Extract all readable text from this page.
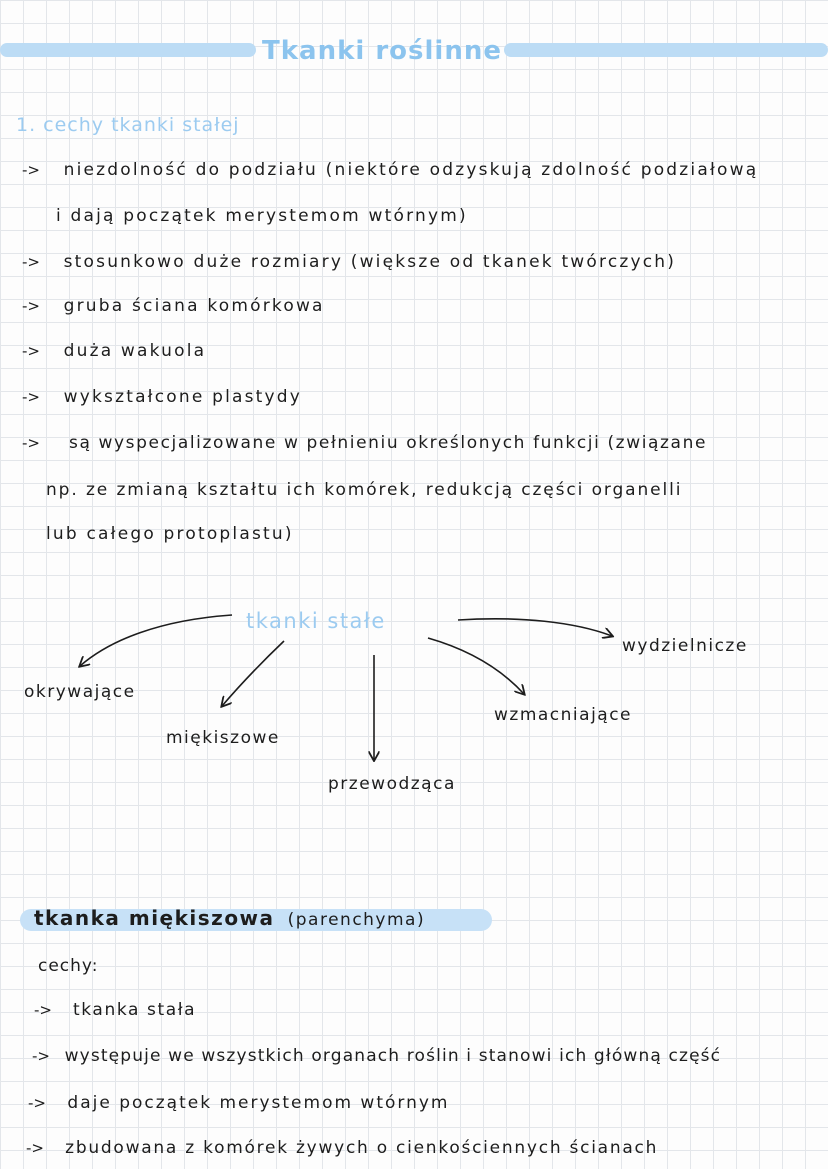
Tkanki roślinne
1. cechy tkanki stałej
-> niezdolność do podziału (niektóre odzyskują zdolność podziałową
i dają początek merystemom wtórnym)
-> stosunkowo duże rozmiary (większe od tkanek twórczych)
-> gruba ściana komórkowa
-> duża wakuola
-> wykształcone plastydy
-> są wyspecjalizowane w pełnieniu określonych funkcji (związane
np. ze zmianą kształtu ich komórek, redukcją części organelli
lub całego protoplastu)
tkanki stałe
okrywające
miękiszowe
przewodząca
wzmacniające
wydzielnicze
tkanka miękiszowa (parenchyma)
cechy:
-> tkanka stała
-> występuje we wszystkich organach roślin i stanowi ich główną część
-> daje początek merystemom wtórnym
-> zbudowana z komórek żywych o cienkościennych ścianach
